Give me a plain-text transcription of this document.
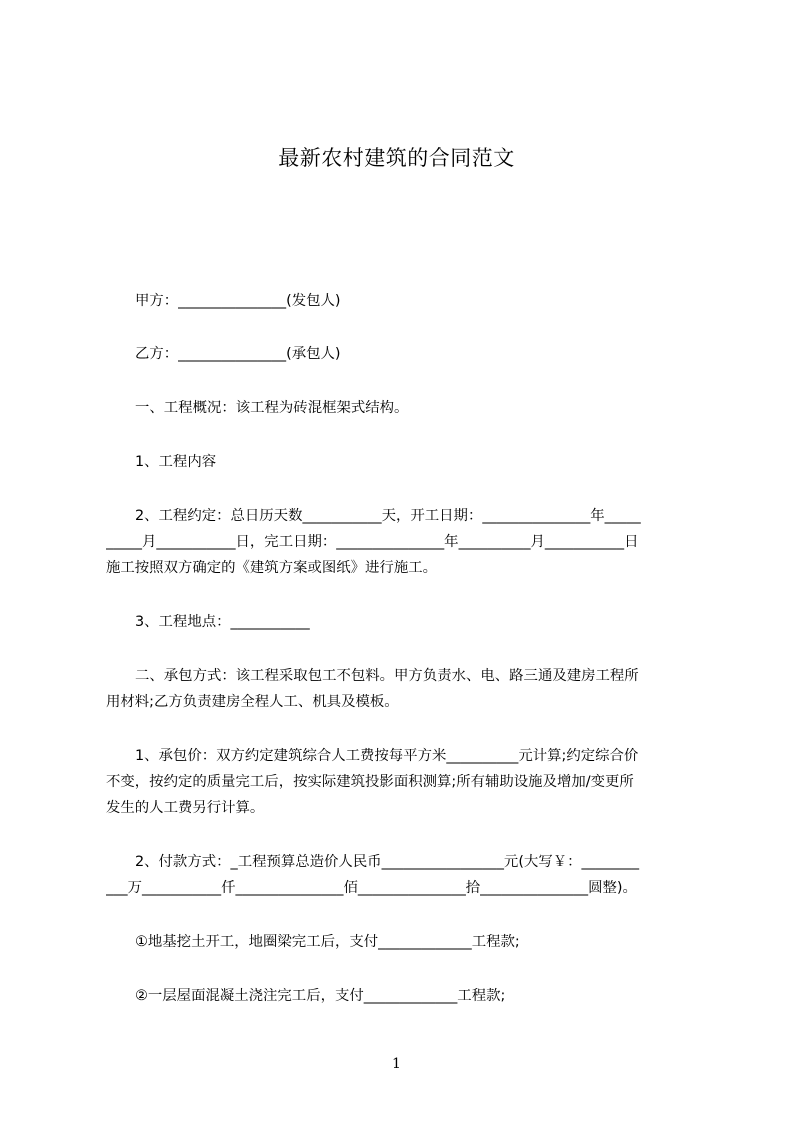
最新农村建筑的合同范文
甲方：_______________(发包人)
乙方：_______________(承包人)
一、工程概况：该工程为砖混框架式结构。
1、工程内容
2、工程约定：总日历天数___________天，开工日期：_______________年_____
_____月___________日，完工日期：_______________年__________月___________日
施工按照双方确定的《建筑方案或图纸》进行施工。
3、工程地点：___________
二、承包方式：该工程采取包工不包料。甲方负责水、电、路三通及建房工程所
用材料;乙方负责建房全程人工、机具及模板。
1、承包价：双方约定建筑综合人工费按每平方米__________元计算;约定综合价
不变，按约定的质量完工后，按实际建筑投影面积测算;所有辅助设施及增加/变更所
发生的人工费另行计算。
2、付款方式：_工程预算总造价人民币_________________元(大写￥：________
___万___________仟_______________佰_______________拾_______________圆整)。
①地基挖土开工，地圈梁完工后，支付_____________工程款;
②一层屋面混凝土浇注完工后，支付_____________工程款;
1
